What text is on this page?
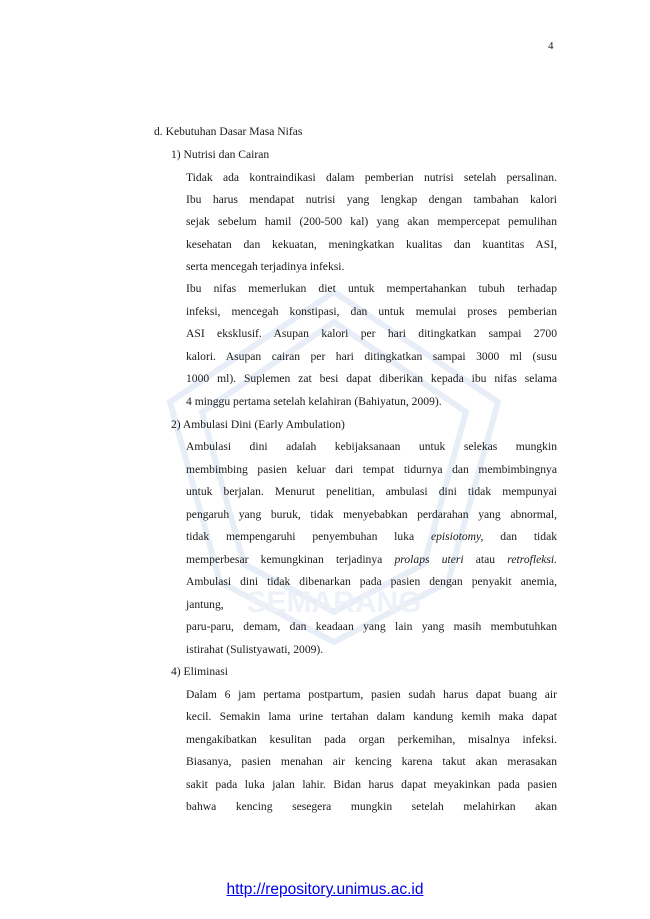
SEMARANG
4
d. Kebutuhan Dasar Masa Nifas
1) Nutrisi dan Cairan
Tidak ada kontraindikasi dalam pemberian nutrisi setelah persalinan.
Ibu harus mendapat nutrisi yang lengkap dengan tambahan kalori
sejak sebelum hamil (200-500 kal) yang akan mempercepat pemulihan
kesehatan dan kekuatan, meningkatkan kualitas dan kuantitas ASI,
serta mencegah terjadinya infeksi.
Ibu nifas memerlukan diet untuk mempertahankan tubuh terhadap
infeksi, mencegah konstipasi, dan untuk memulai proses pemberian
ASI eksklusif. Asupan kalori per hari ditingkatkan sampai 2700
kalori. Asupan cairan per hari ditingkatkan sampai 3000 ml (susu
1000 ml). Suplemen zat besi dapat diberikan kepada ibu nifas selama
4 minggu pertama setelah kelahiran (Bahiyatun, 2009).
2) Ambulasi Dini (Early Ambulation)
Ambulasi dini adalah kebijaksanaan untuk selekas mungkin
membimbing pasien keluar dari tempat tidurnya dan membimbingnya
untuk berjalan. Menurut penelitian, ambulasi dini tidak mempunyai
pengaruh yang buruk, tidak menyebabkan perdarahan yang abnormal,
tidak mempengaruhi penyembuhan luka episiotomy, dan tidak
memperbesar kemungkinan terjadinya prolaps uteri atau retrofleksi.
Ambulasi dini tidak dibenarkan pada pasien dengan penyakit anemia,
jantung,
paru-paru, demam, dan keadaan yang lain yang masih membutuhkan
istirahat (Sulistyawati, 2009).
4) Eliminasi
Dalam 6 jam pertama postpartum, pasien sudah harus dapat buang air
kecil. Semakin lama urine tertahan dalam kandung kemih maka dapat
mengakibatkan kesulitan pada organ perkemihan, misalnya infeksi.
Biasanya, pasien menahan air kencing karena takut akan merasakan
sakit pada luka jalan lahir. Bidan harus dapat meyakinkan pada pasien
bahwa kencing sesegera mungkin setelah melahirkan akan
http://repository.unimus.ac.id
